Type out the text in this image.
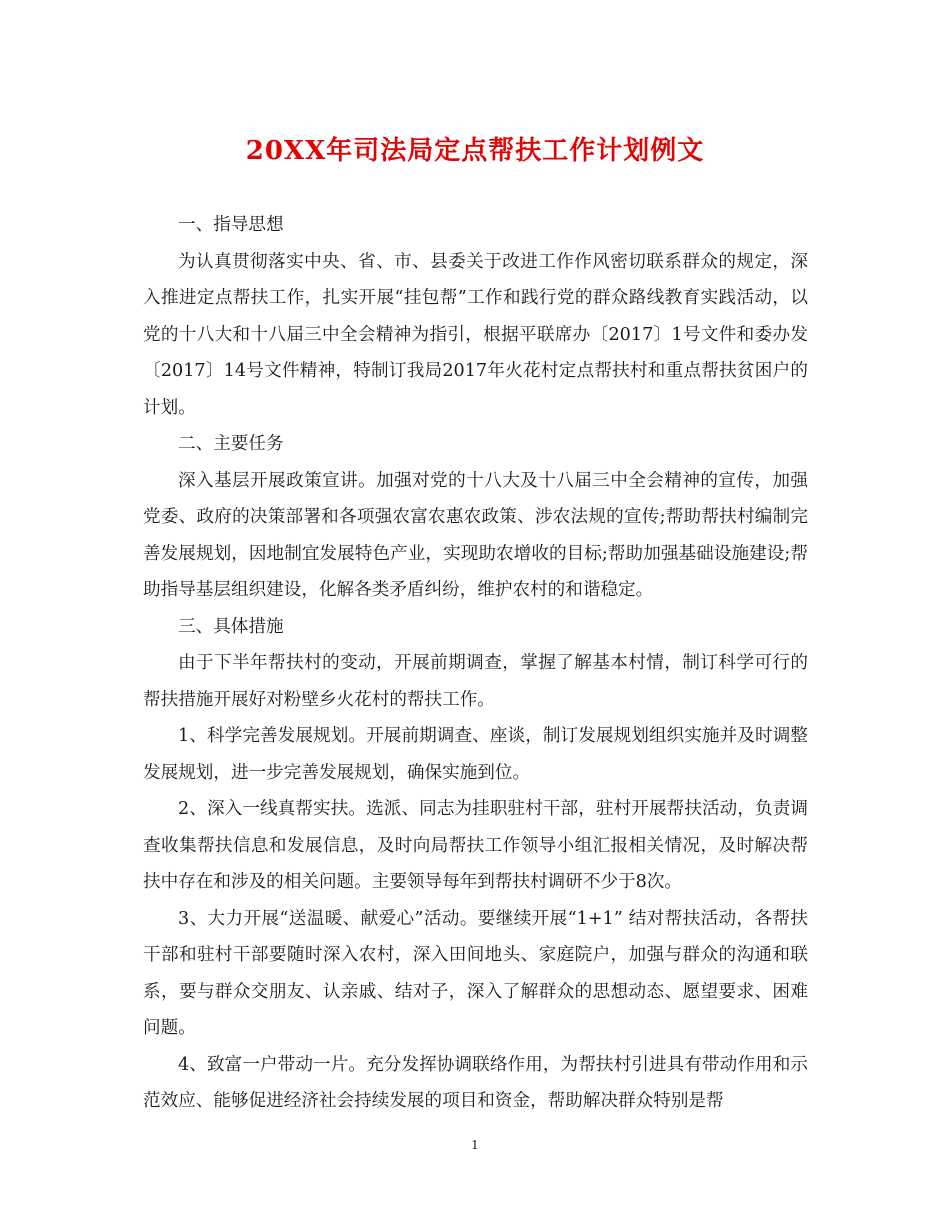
20XX年司法局定点帮扶工作计划例文

一、指导思想

为认真贯彻落实中央、省、市、县委关于改进工作作风密切联系群众的规定，深入推进定点帮扶工作，扎实开展“挂包帮”工作和践行党的群众路线教育实践活动，以党的十八大和十八届三中全会精神为指引，根据平联席办〔2017〕1号文件和委办发〔2017〕14号文件精神，特制订我局2017年火花村定点帮扶村和重点帮扶贫困户的计划。

二、主要任务

深入基层开展政策宣讲。加强对党的十八大及十八届三中全会精神的宣传，加强党委、政府的决策部署和各项强农富农惠农政策、涉农法规的宣传;帮助帮扶村编制完善发展规划，因地制宜发展特色产业，实现助农增收的目标;帮助加强基础设施建设;帮助指导基层组织建设，化解各类矛盾纠纷，维护农村的和谐稳定。

三、具体措施

由于下半年帮扶村的变动，开展前期调查，掌握了解基本村情，制订科学可行的帮扶措施开展好对粉壁乡火花村的帮扶工作。

1、科学完善发展规划。开展前期调查、座谈，制订发展规划组织实施并及时调整发展规划，进一步完善发展规划，确保实施到位。

2、深入一线真帮实扶。选派、同志为挂职驻村干部，驻村开展帮扶活动，负责调查收集帮扶信息和发展信息，及时向局帮扶工作领导小组汇报相关情况，及时解决帮扶中存在和涉及的相关问题。主要领导每年到帮扶村调研不少于8次。

3、大力开展“送温暖、献爱心”活动。要继续开展“1+1” 结对帮扶活动，各帮扶干部和驻村干部要随时深入农村，深入田间地头、家庭院户，加强与群众的沟通和联系，要与群众交朋友、认亲戚、结对子，深入了解群众的思想动态、愿望要求、困难问题。

4、致富一户带动一片。充分发挥协调联络作用，为帮扶村引进具有带动作用和示范效应、能够促进经济社会持续发展的项目和资金，帮助解决群众特别是帮

1
